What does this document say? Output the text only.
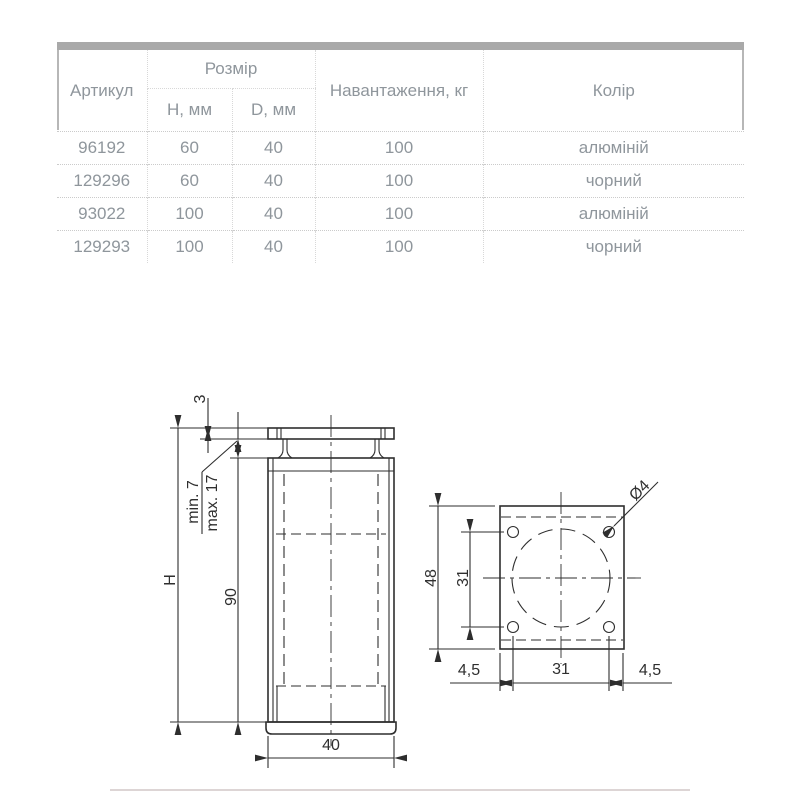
Артикул	Розмір		Навантаження, кг	Колір
	H, мм	D, мм		
96192	60	40	100	алюміній
129296	60	40	100	чорний
93022	100	40	100	алюміній
129293	100	40	100	чорний
3
min. 7 max. 17
H
90
40
48 31
Ø4
4,5	31	4,5
